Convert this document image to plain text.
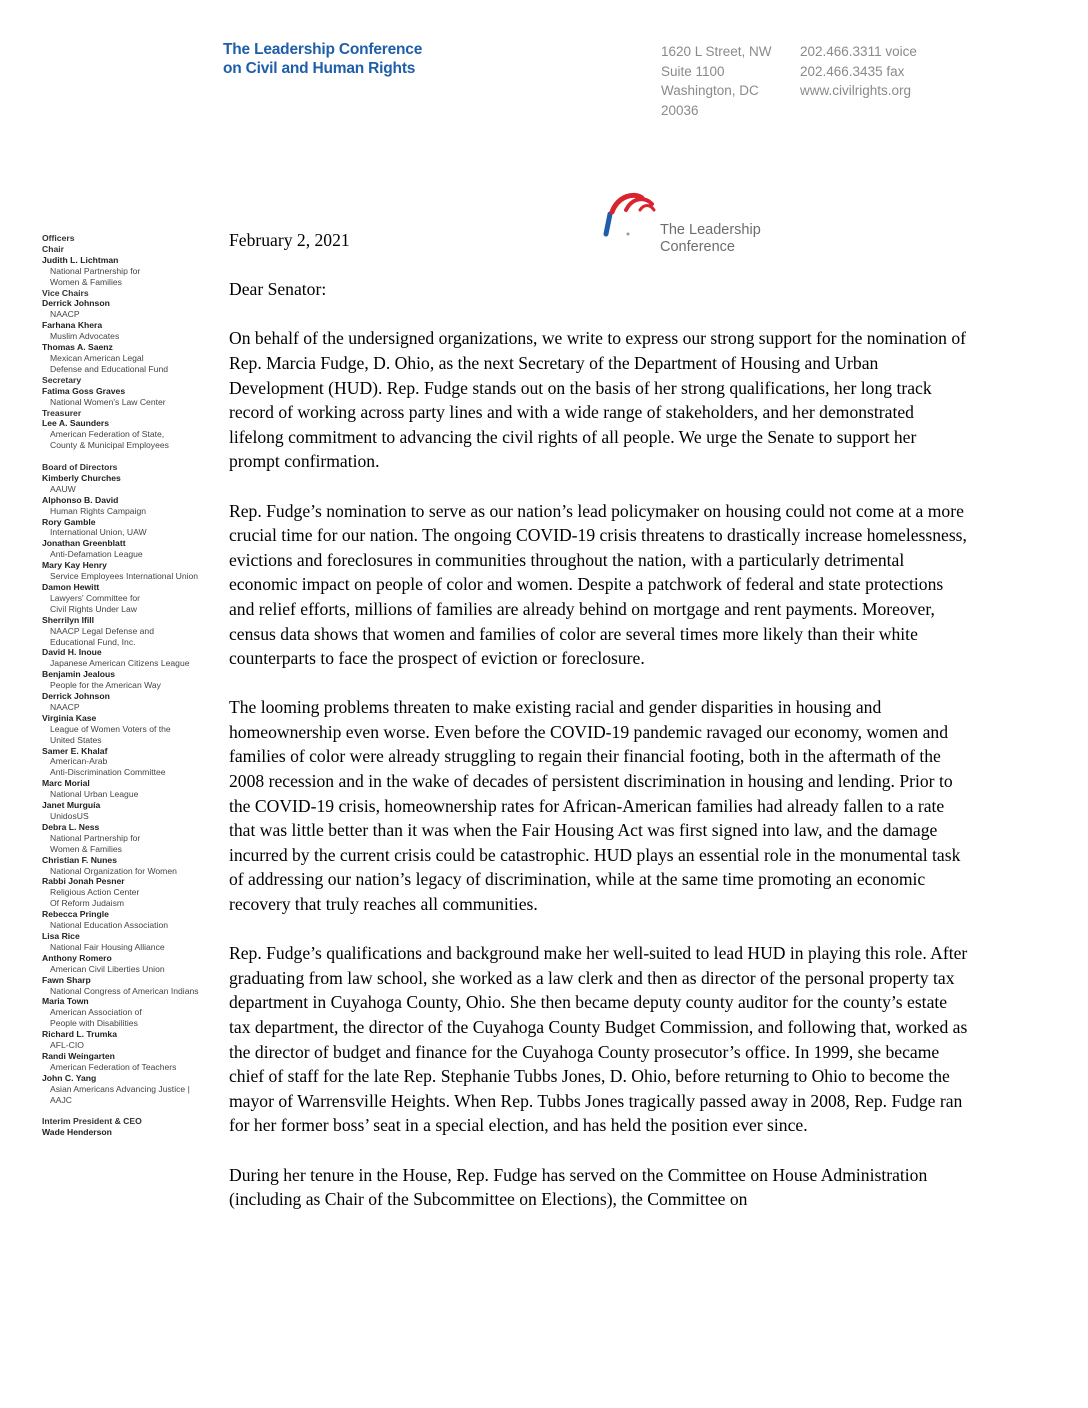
The Leadership Conference
on Civil and Human Rights
1620 L Street, NW
Suite 1100
Washington, DC
20036
202.466.3311 voice
202.466.3435 fax
www.civilrights.org
The Leadership
Conference
Officers
Chair
Judith L. Lichtman
National Partnership for
Women & Families
Vice Chairs
Derrick Johnson
NAACP
Farhana Khera
Muslim Advocates
Thomas A. Saenz
Mexican American Legal
Defense and Educational Fund
Secretary
Fatima Goss Graves
National Women's Law Center
Treasurer
Lee A. Saunders
American Federation of State,
County & Municipal Employees
Board of Directors
Kimberly Churches
AAUW
Alphonso B. David
Human Rights Campaign
Rory Gamble
International Union, UAW
Jonathan Greenblatt
Anti-Defamation League
Mary Kay Henry
Service Employees International Union
Damon Hewitt
Lawyers' Committee for
Civil Rights Under Law
Sherrilyn Ifill
NAACP Legal Defense and
Educational Fund, Inc.
David H. Inoue
Japanese American Citizens League
Benjamin Jealous
People for the American Way
Derrick Johnson
NAACP
Virginia Kase
League of Women Voters of the
United States
Samer E. Khalaf
American-Arab
Anti-Discrimination Committee
Marc Morial
National Urban League
Janet Murguía
UnidosUS
Debra L. Ness
National Partnership for
Women & Families
Christian F. Nunes
National Organization for Women
Rabbi Jonah Pesner
Religious Action Center
Of Reform Judaism
Rebecca Pringle
National Education Association
Lisa Rice
National Fair Housing Alliance
Anthony Romero
American Civil Liberties Union
Fawn Sharp
National Congress of American Indians
Maria Town
American Association of
People with Disabilities
Richard L. Trumka
AFL-CIO
Randi Weingarten
American Federation of Teachers
John C. Yang
Asian Americans Advancing Justice |
AAJC
Interim President & CEO
Wade Henderson

February 2, 2021

Dear Senator:

On behalf of the undersigned organizations, we write to express our strong support for the nomination of Rep. Marcia Fudge, D. Ohio, as the next Secretary of the Department of Housing and Urban Development (HUD). Rep. Fudge stands out on the basis of her strong qualifications, her long track record of working across party lines and with a wide range of stakeholders, and her demonstrated lifelong commitment to advancing the civil rights of all people. We urge the Senate to support her prompt confirmation.

Rep. Fudge’s nomination to serve as our nation’s lead policymaker on housing could not come at a more crucial time for our nation. The ongoing COVID-19 crisis threatens to drastically increase homelessness, evictions and foreclosures in communities throughout the nation, with a particularly detrimental economic impact on people of color and women. Despite a patchwork of federal and state protections and relief efforts, millions of families are already behind on mortgage and rent payments. Moreover, census data shows that women and families of color are several times more likely than their white counterparts to face the prospect of eviction or foreclosure.

The looming problems threaten to make existing racial and gender disparities in housing and homeownership even worse. Even before the COVID-19 pandemic ravaged our economy, women and families of color were already struggling to regain their financial footing, both in the aftermath of the 2008 recession and in the wake of decades of persistent discrimination in housing and lending. Prior to the COVID-19 crisis, homeownership rates for African-American families had already fallen to a rate that was little better than it was when the Fair Housing Act was first signed into law, and the damage incurred by the current crisis could be catastrophic. HUD plays an essential role in the monumental task of addressing our nation’s legacy of discrimination, while at the same time promoting an economic recovery that truly reaches all communities.

Rep. Fudge’s qualifications and background make her well-suited to lead HUD in playing this role. After graduating from law school, she worked as a law clerk and then as director of the personal property tax department in Cuyahoga County, Ohio. She then became deputy county auditor for the county’s estate tax department, the director of the Cuyahoga County Budget Commission, and following that, worked as the director of budget and finance for the Cuyahoga County prosecutor’s office. In 1999, she became chief of staff for the late Rep. Stephanie Tubbs Jones, D. Ohio, before returning to Ohio to become the mayor of Warrensville Heights. When Rep. Tubbs Jones tragically passed away in 2008, Rep. Fudge ran for her former boss’ seat in a special election, and has held the position ever since.

During her tenure in the House, Rep. Fudge has served on the Committee on House Administration (including as Chair of the Subcommittee on Elections), the Committee on
